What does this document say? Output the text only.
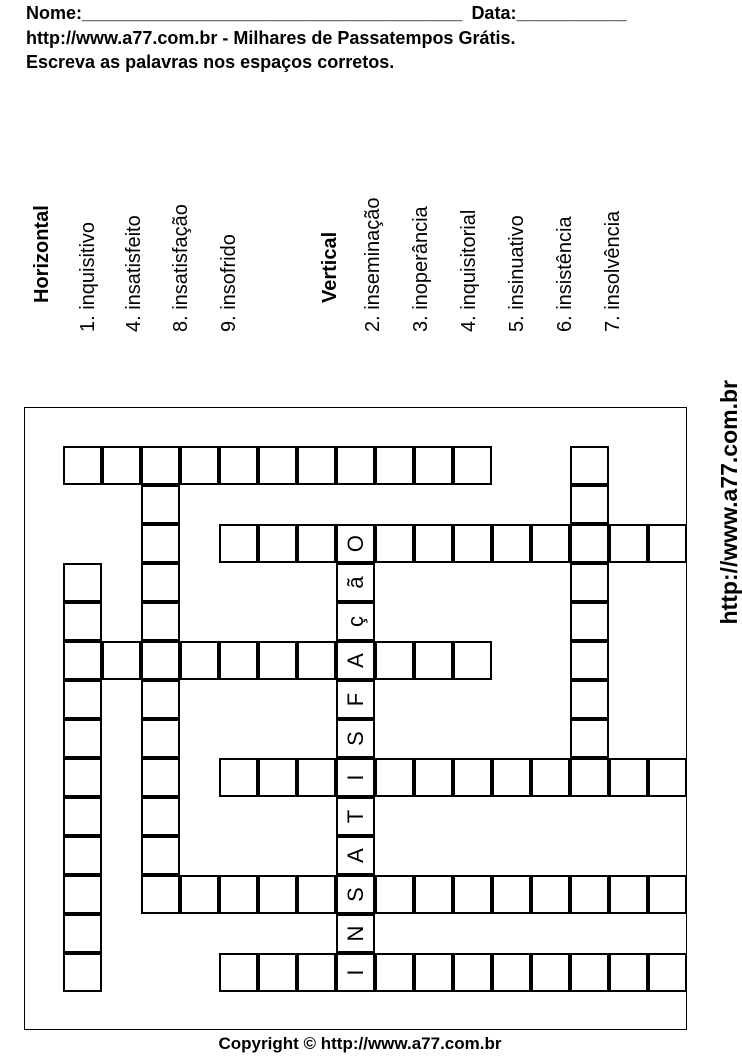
Nome:______________________________________ Data:___________
http://www.a77.com.br - Milhares de Passatempos Grátis.
Escreva as palavras nos espaços corretos.
Horizontal 1. inquisitivo 4. insatisfeito 8. insatisfação 9. insofrido	Vertical 2. inseminação 3. inoperância 4. inquisitorial 5. insinuativo 6. insistência 7. insolvência
I
N
S
A
T
I
S
F
A
ç
ã
O	http://www.a77.com.br
Copyright © http://www.a77.com.br
